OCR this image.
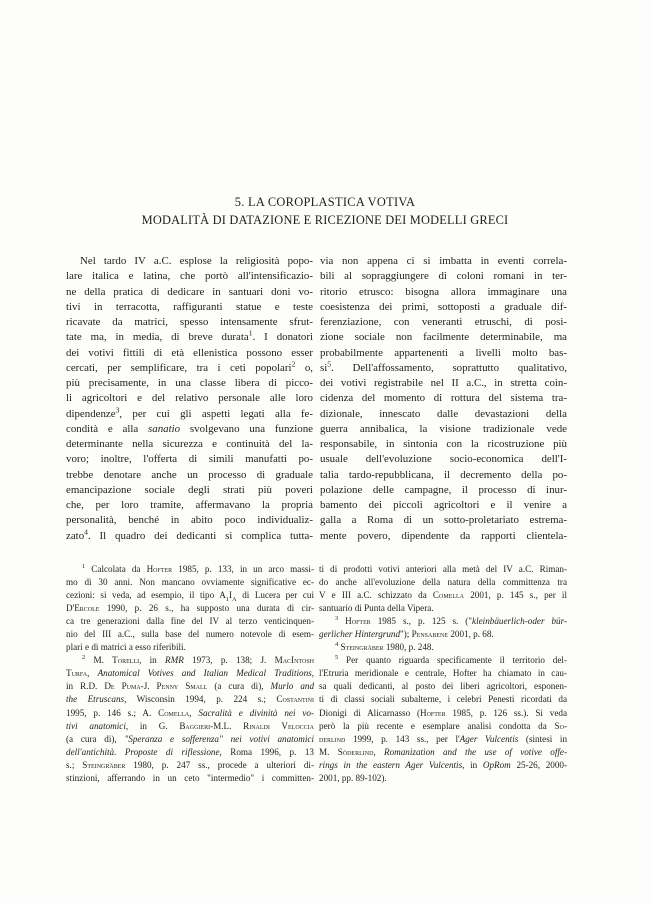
5. LA COROPLASTICA VOTIVA
MODALITÀ DI DATAZIONE E RICEZIONE DEI MODELLI GRECI
Nel tardo IV a.C. esplose la religiosità popo-
lare italica e latina, che portò all'intensificazio-
ne della pratica di dedicare in santuari doni vo-
tivi in terracotta, raffiguranti statue e teste
ricavate da matrici, spesso intensamente sfrut-
tate ma, in media, di breve durata$^1$. I donatori
dei votivi fittili di età ellenistica possono esser
cercati, per semplificare, tra i ceti popolari$^2$ o,
più precisamente, in una classe libera di picco-
li agricoltori e del relativo personale alle loro
dipendenze$^3$, per cui gli aspetti legati alla fe-
condità e alla sanatio svolgevano una funzione
determinante nella sicurezza e continuità del la-
voro; inoltre, l'offerta di simili manufatti po-
trebbe denotare anche un processo di graduale
emancipazione sociale degli strati più poveri
che, per loro tramite, affermavano la propria
personalità, benché in abito poco individualiz-
zato$^4$. Il quadro dei dedicanti si complica tutta-
via non appena ci si imbatta in eventi correla-
bili al sopraggiungere di coloni romani in ter-
ritorio etrusco: bisogna allora immaginare una
coesistenza dei primi, sottoposti a graduale dif-
ferenziazione, con veneranti etruschi, di posi-
zione sociale non facilmente determinabile, ma
probabilmente appartenenti a livelli molto bas-
$si^5$. Dell'affossamento, soprattutto qualitativo,
dei votivi registrabile nel II a.C., in stretta coin-
cidenza del momento di rottura del sistema tra-
dizionale, innescato dalle devastazioni della
guerra annibalica, la visione tradizionale vede
responsabile, in sintonia con la ricostruzione più
usuale dell'evoluzione socio-economica dell'I-
talia tardo-repubblicana, il decremento della po-
polazione delle campagne, il processo di inur-
bamento dei piccoli agricoltori e il venire a
galla a Roma di un sotto-proletariato estrema-
mente povero, dipendente da rapporti clientela-
$^1$ Calcolata da Hofter 1985, p. 133, in un arco massi-
mo di 30 anni. Non mancano ovviamente significative ec-
cezioni: si veda, ad esempio, il tipo $A_1I_A$ di Lucera per cui
D'Ercole 1990, p. 26 s., ha supposto una durata di cir-
ca tre generazioni dalla fine del IV al terzo venticinquen-
nio del III a.C., sulla base del numero notevole di esem-
plari e di matrici a esso riferibili.
$^2$ M. Torelli, in RMR 1973, p. 138; J. MacIntosh
Turfa, Anatomical Votives and Italian Medical Traditions,
in R.D. De Puma-J. Penny Small (a cura di), Murlo and
the Etruscans, Wisconsin 1994, p. 224 s.; Costantini
1995, p. 146 s.; A. Comella, Sacralità e divinità nei vo-
tivi anatomici, in G. Baggieri-M.L. Rinaldi Veloccia
(a cura di), "Speranza e sofferenza" nei votivi anatomici
dell'antichità. Proposte di riflessione, Roma 1996, p. 13
s.; Steingräber 1980, p. 247 ss., procede a ulteriori di-
stinzioni, afferrando in un ceto "intermedio" i committen-
ti di prodotti votivi anteriori alla metà del IV a.C. Riman-
do anche all'evoluzione della natura della committenza tra
V e III a.C. schizzato da Comella 2001, p. 145 s., per il
santuario di Punta della Vipera.
$^3$ Hofter 1985 s., p. 125 s. ("kleinbäuerlich-oder bür-
gerlicher Hintergrund"); Pensabene 2001, p. 68.
$^4$ Steingräber 1980, p. 248.
$^5$ Per quanto riguarda specificamente il territorio del-
l'Etruria meridionale e centrale, Hofter ha chiamato in cau-
sa quali dedicanti, al posto dei liberi agricoltori, esponen-
ti di classi sociali subalterne, i celebri Penesti ricordati da
Dionigi di Alicarnasso (Hofter 1985, p. 126 ss.). Si veda
però la più recente e esemplare analisi condotta da So-
derlind 1999, p. 143 ss., per l'Ager Vulcentis (sintesi in
M. Söderlind, Romanization and the use of votive offe-
rings in the eastern Ager Vulcentis, in OpRom 25-26, 2000-
2001, pp. 89-102).
